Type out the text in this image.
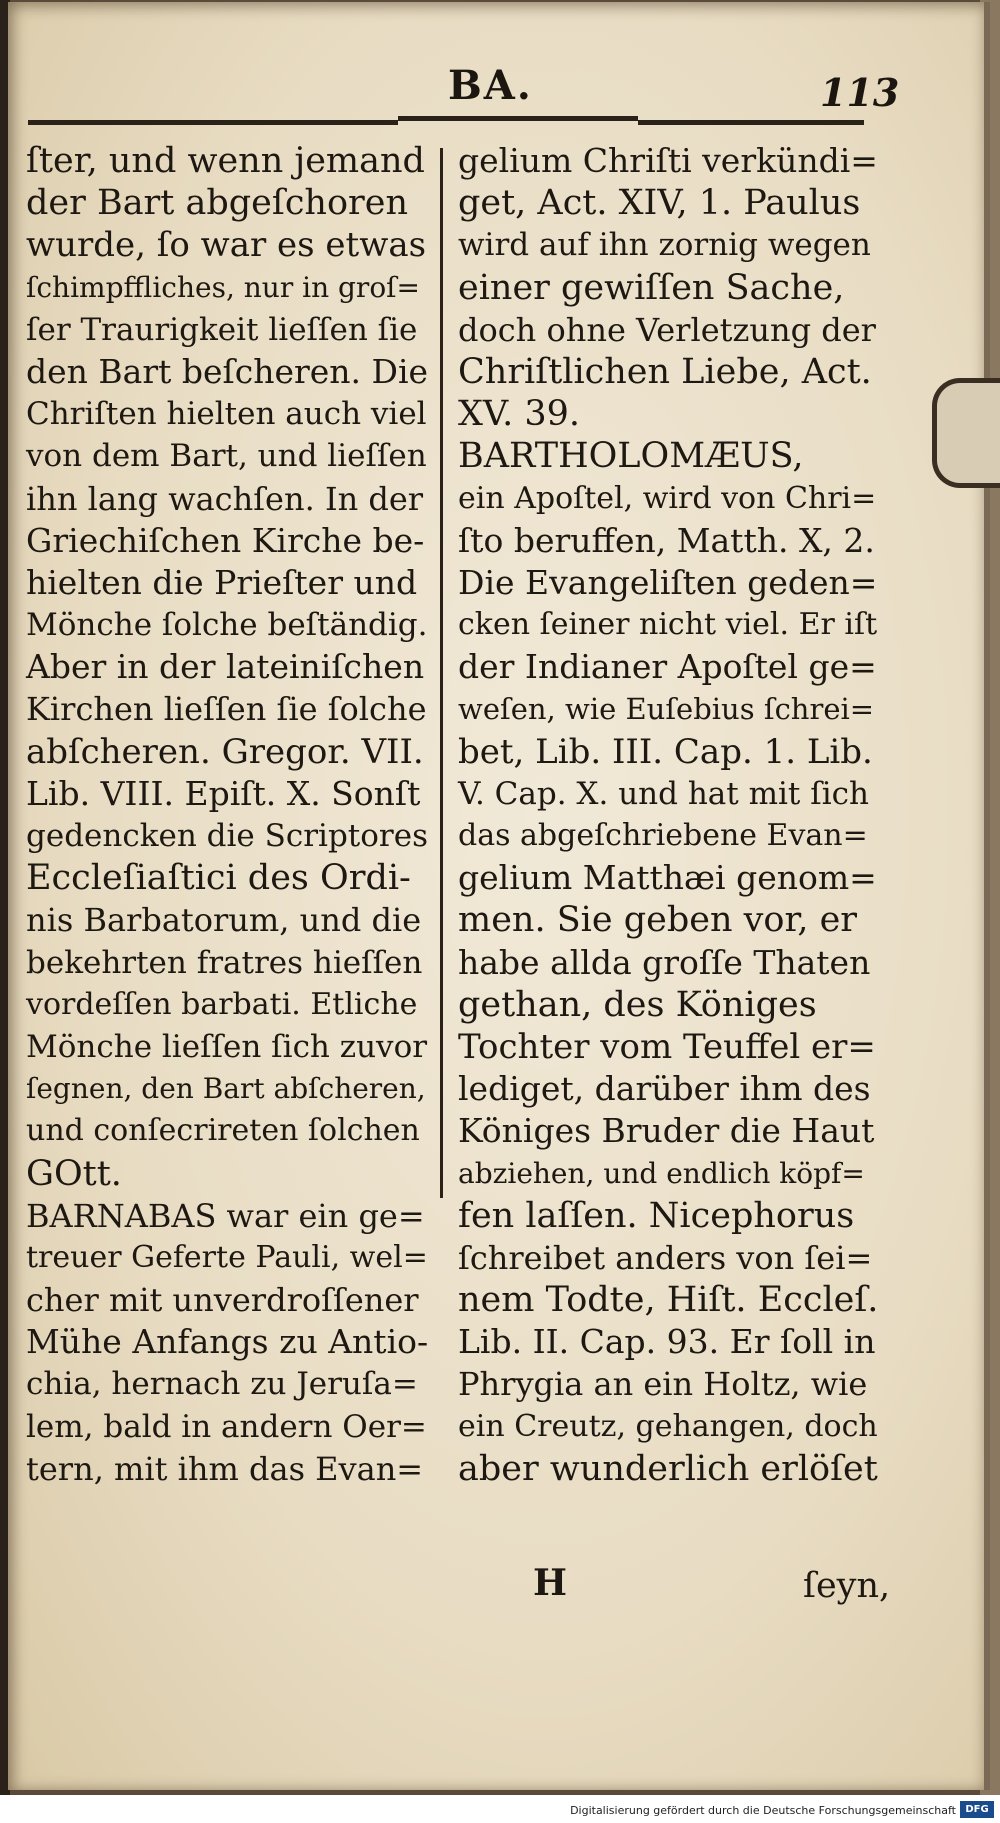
BA.	113
ſter, und wenn jemand
der Bart abgeſchoren
wurde, ſo war es etwas
ſchimpffliches, nur in groſ=
ſer Traurigkeit lieſſen ſie
den Bart beſcheren. Die
Chriſten hielten auch viel
von dem Bart, und lieſſen
ihn lang wachſen. In der
Griechiſchen Kirche be-
hielten die Prieſter und
Mönche ſolche beſtändig.
Aber in der lateiniſchen
Kirchen lieſſen ſie ſolche
abſcheren. Gregor. VII.
Lib. VIII. Epiſt. X. Sonſt
gedencken die Scriptores
Eccleſiaſtici des Ordi-
nis Barbatorum, und die
bekehrten fratres hieſſen
vordeſſen barbati. Etliche
Mönche lieſſen ſich zuvor
ſegnen, den Bart abſcheren,
und conſecrireten ſolchen
GOtt.
BARNABAS war ein ge=
treuer Geferte Pauli, wel=
cher mit unverdroſſener
Mühe Anfangs zu Antio-
chia, hernach zu Jeruſa=
lem, bald in andern Oer=
tern, mit ihm das Evan=
gelium Chriſti verkündi=
get, Act. XIV, 1. Paulus
wird auf ihn zornig wegen
einer gewiſſen Sache,
doch ohne Verletzung der
Chriſtlichen Liebe, Act.
XV. 39.
BARTHOLOMÆUS,
ein Apoſtel, wird von Chri=
ſto beruffen, Matth. X, 2.
Die Evangeliſten geden=
cken ſeiner nicht viel. Er iſt
der Indianer Apoſtel ge=
weſen, wie Euſebius ſchrei=
bet, Lib. III. Cap. 1. Lib.
V. Cap. X. und hat mit ſich
das abgeſchriebene Evan=
gelium Matthæi genom=
men. Sie geben vor, er
habe allda groſſe Thaten
gethan, des Königes
Tochter vom Teuffel er=
lediget, darüber ihm des
Königes Bruder die Haut
abziehen, und endlich köpf=
fen laſſen. Nicephorus
ſchreibet anders von ſei=
nem Todte, Hiſt. Eccleſ.
Lib. II. Cap. 93. Er ſoll in
Phrygia an ein Holtz, wie
ein Creutz, gehangen, doch
aber wunderlich erlöſet
H	ſeyn,
Digitalisierung gefördert durch die Deutsche Forschungsgemeinschaft DFG
